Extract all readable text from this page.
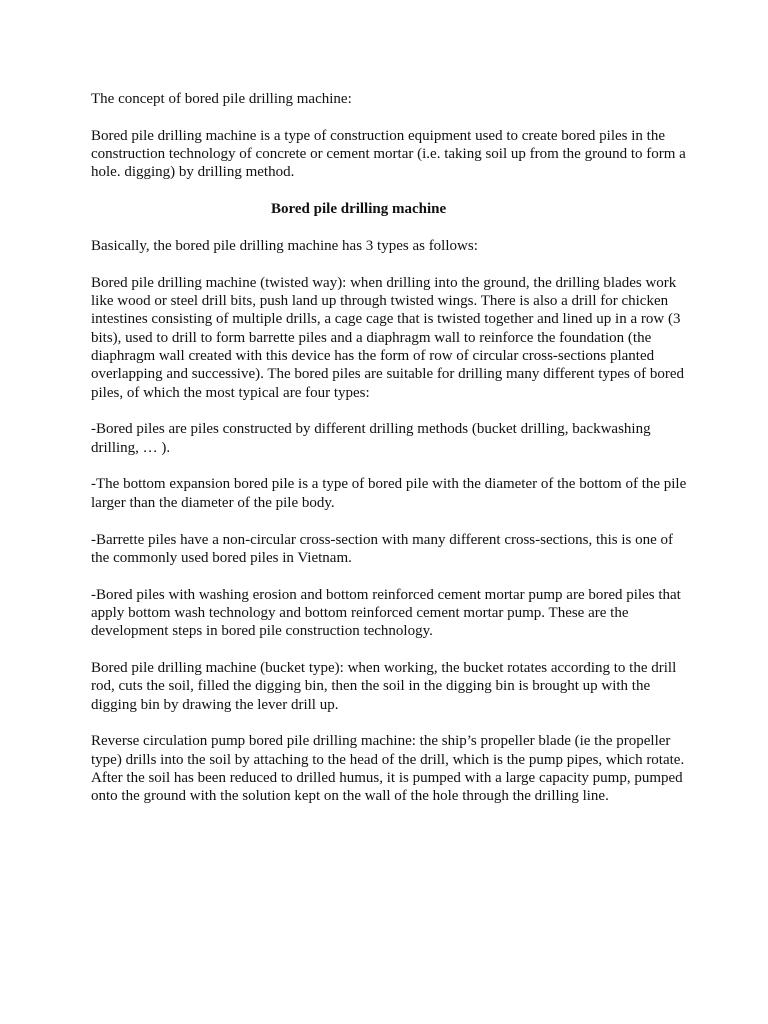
The concept of bored pile drilling machine:

Bored pile drilling machine is a type of construction equipment used to create bored piles in the construction technology of concrete or cement mortar (i.e. taking soil up from the ground to form a hole. digging) by drilling method.

Bored pile drilling machine

Basically, the bored pile drilling machine has 3 types as follows:

Bored pile drilling machine (twisted way): when drilling into the ground, the drilling blades work like wood or steel drill bits, push land up through twisted wings. There is also a drill for chicken intestines consisting of multiple drills, a cage cage that is twisted together and lined up in a row (3 bits), used to drill to form barrette piles and a diaphragm wall to reinforce the foundation (the diaphragm wall created with this device has the form of row of circular cross-sections planted overlapping and successive). The bored piles are suitable for drilling many different types of bored piles, of which the most typical are four types:

-Bored piles are piles constructed by different drilling methods (bucket drilling, backwashing drilling, … ).

-The bottom expansion bored pile is a type of bored pile with the diameter of the bottom of the pile larger than the diameter of the pile body.

-Barrette piles have a non-circular cross-section with many different cross-sections, this is one of the commonly used bored piles in Vietnam.

-Bored piles with washing erosion and bottom reinforced cement mortar pump are bored piles that apply bottom wash technology and bottom reinforced cement mortar pump. These are the development steps in bored pile construction technology.

Bored pile drilling machine (bucket type): when working, the bucket rotates according to the drill rod, cuts the soil, filled the digging bin, then the soil in the digging bin is brought up with the digging bin by drawing the lever drill up.

Reverse circulation pump bored pile drilling machine: the ship’s propeller blade (ie the propeller type) drills into the soil by attaching to the head of the drill, which is the pump pipes, which rotate. After the soil has been reduced to drilled humus, it is pumped with a large capacity pump, pumped onto the ground with the solution kept on the wall of the hole through the drilling line.
